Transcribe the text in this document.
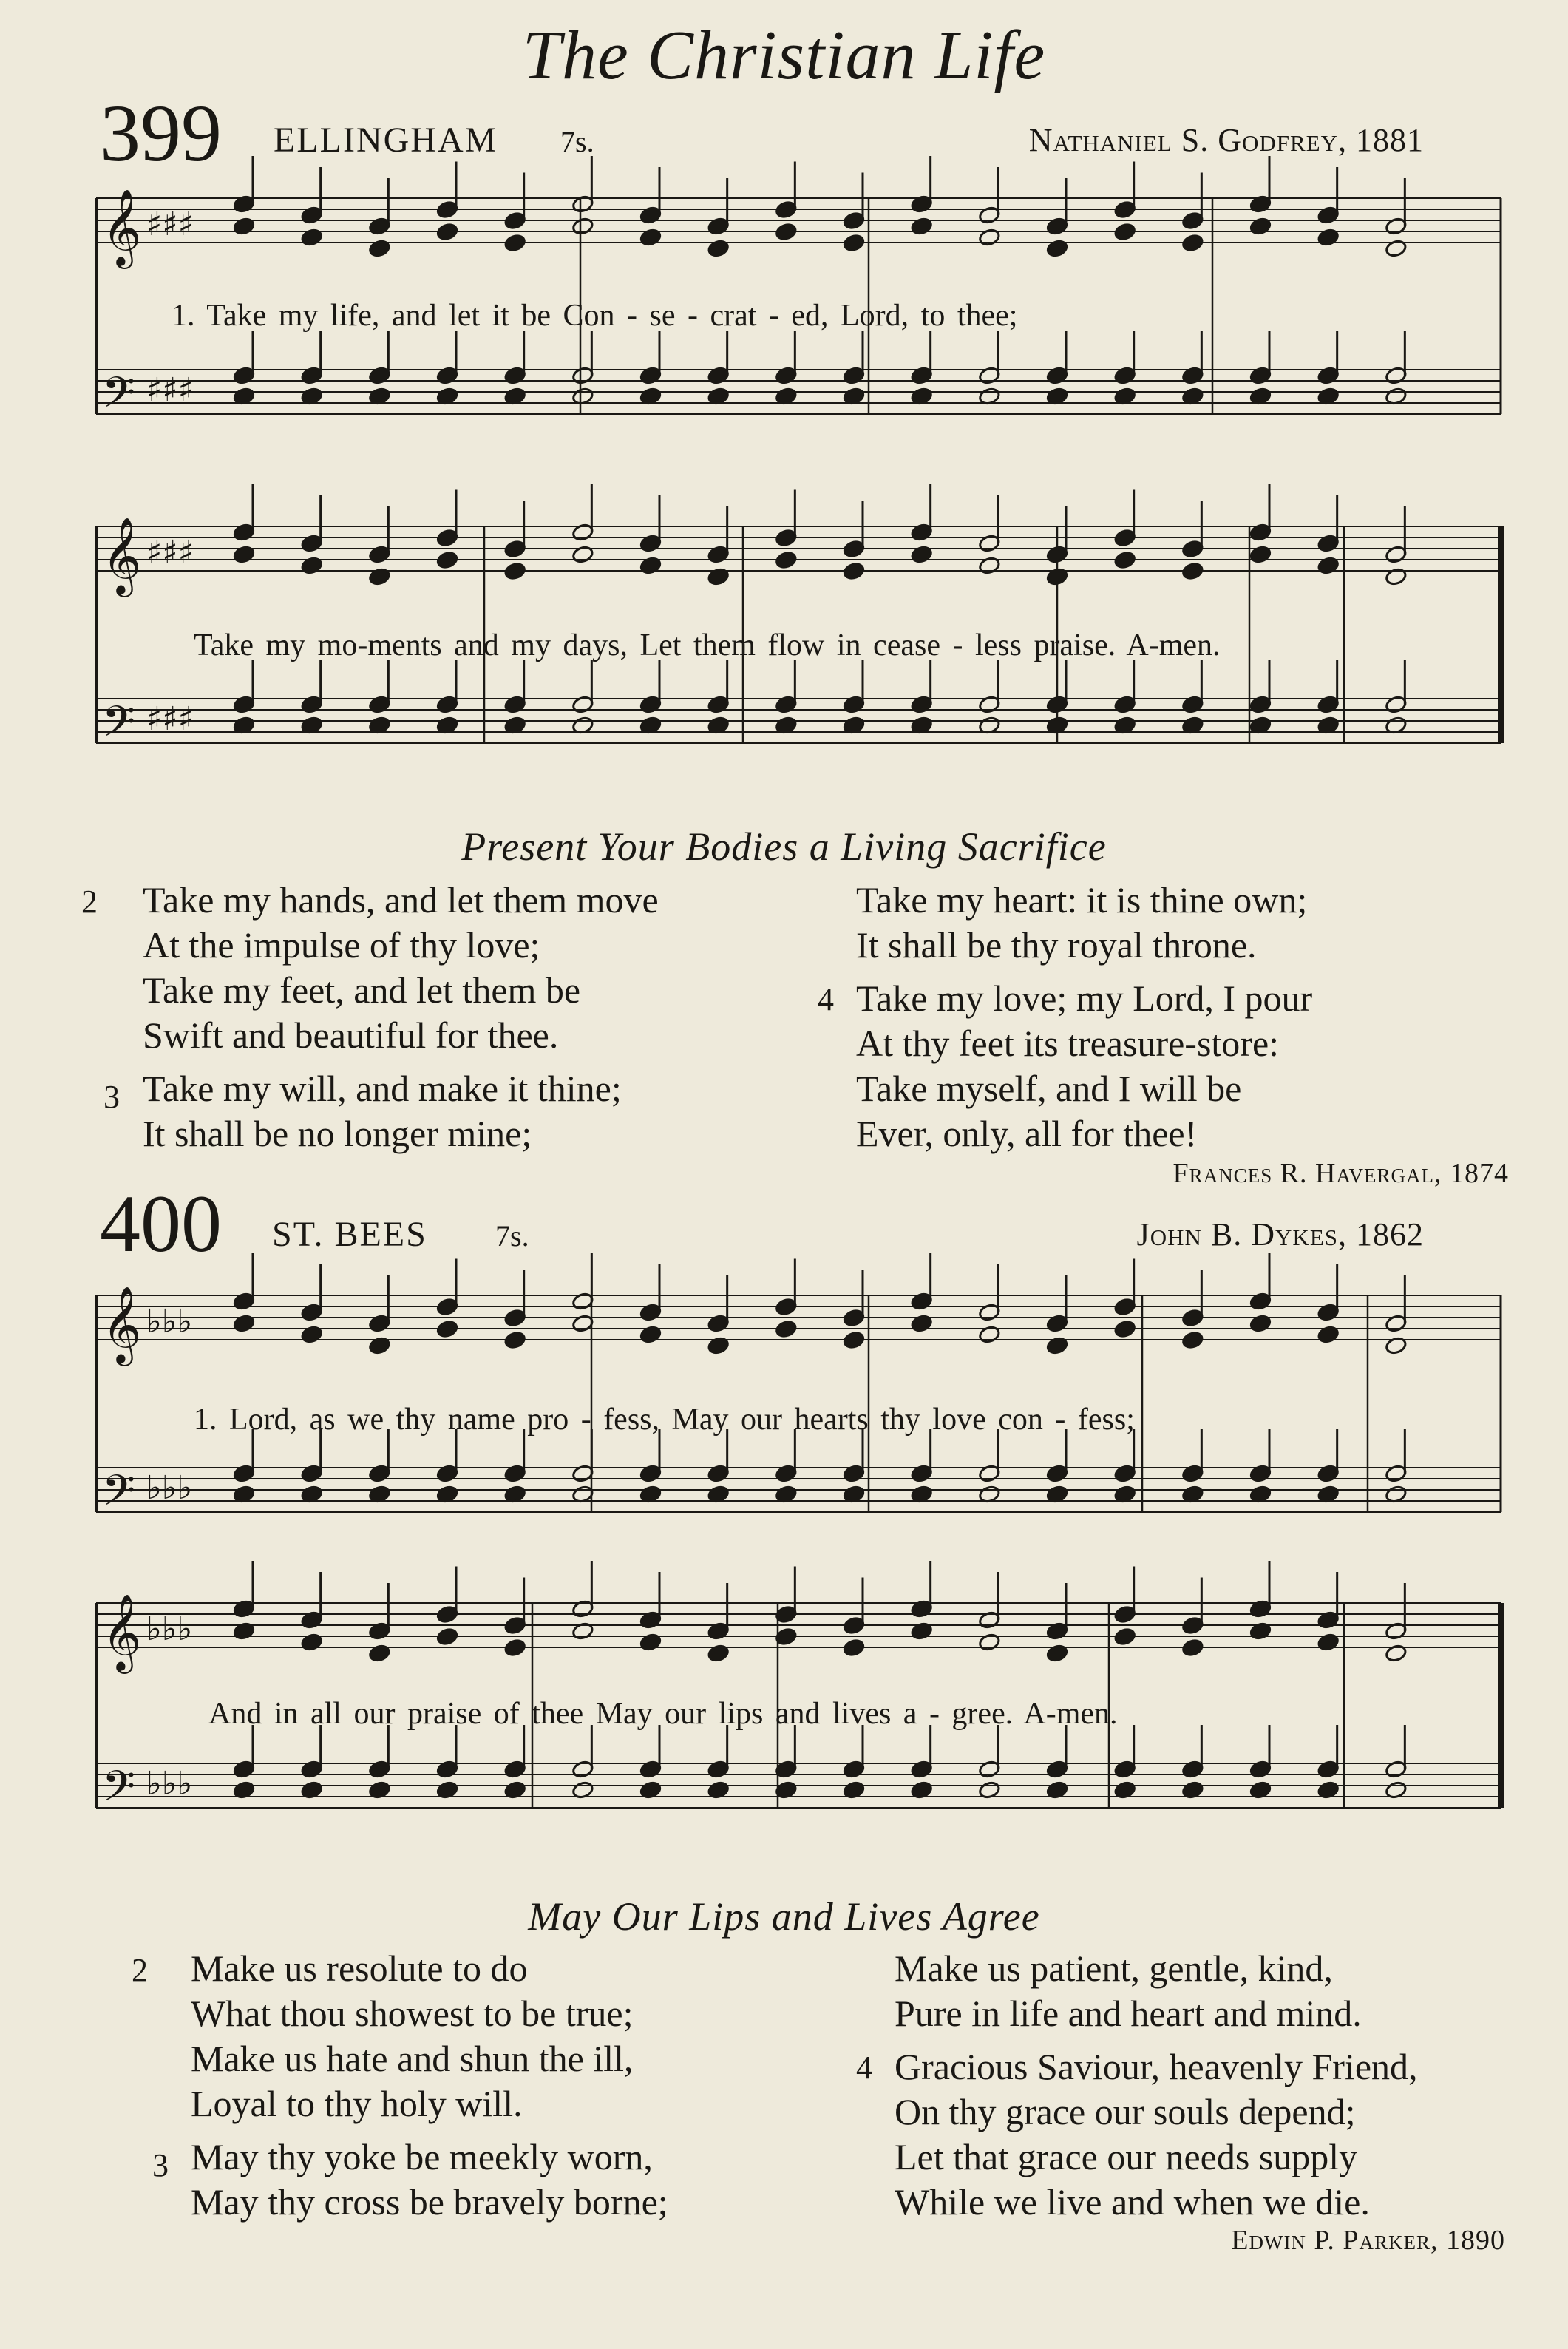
𝄞 ♯♯♯
𝄢 ♯♯♯
𝄞 ♯♯♯
𝄢 ♯♯♯
𝄞 ♭♭♭
𝄢 ♭♭♭
𝄞 ♭♭♭
𝄢 ♭♭♭
The Christian Life
399 ELLINGHAM 7s.	Nathaniel S. Godfrey, 1881
1. Take my life, and let it be Con - se - crat - ed, Lord, to thee;
Take my mo-ments and my days, Let them flow in cease - less praise. A-men.
Present Your Bodies a Living Sacrifice
2 Take my hands, and let them move
At the impulse of thy love;
Take my feet, and let them be
Swift and beautiful for thee.
3 Take my will, and make it thine;
It shall be no longer mine;
Take my heart: it is thine own;
It shall be thy royal throne.
4 Take my love; my Lord, I pour
At thy feet its treasure-store:
Take myself, and I will be
Ever, only, all for thee!
Frances R. Havergal, 1874
400 ST. BEES 7s.	John B. Dykes, 1862
1. Lord, as we thy name pro - fess, May our hearts thy love con - fess;
And in all our praise of thee May our lips and lives a - gree. A-men.
May Our Lips and Lives Agree
2 Make us resolute to do
What thou showest to be true;
Make us hate and shun the ill,
Loyal to thy holy will.
3 May thy yoke be meekly worn,
May thy cross be bravely borne;
Make us patient, gentle, kind,
Pure in life and heart and mind.
4 Gracious Saviour, heavenly Friend,
On thy grace our souls depend;
Let that grace our needs supply
While we live and when we die.
Edwin P. Parker, 1890
